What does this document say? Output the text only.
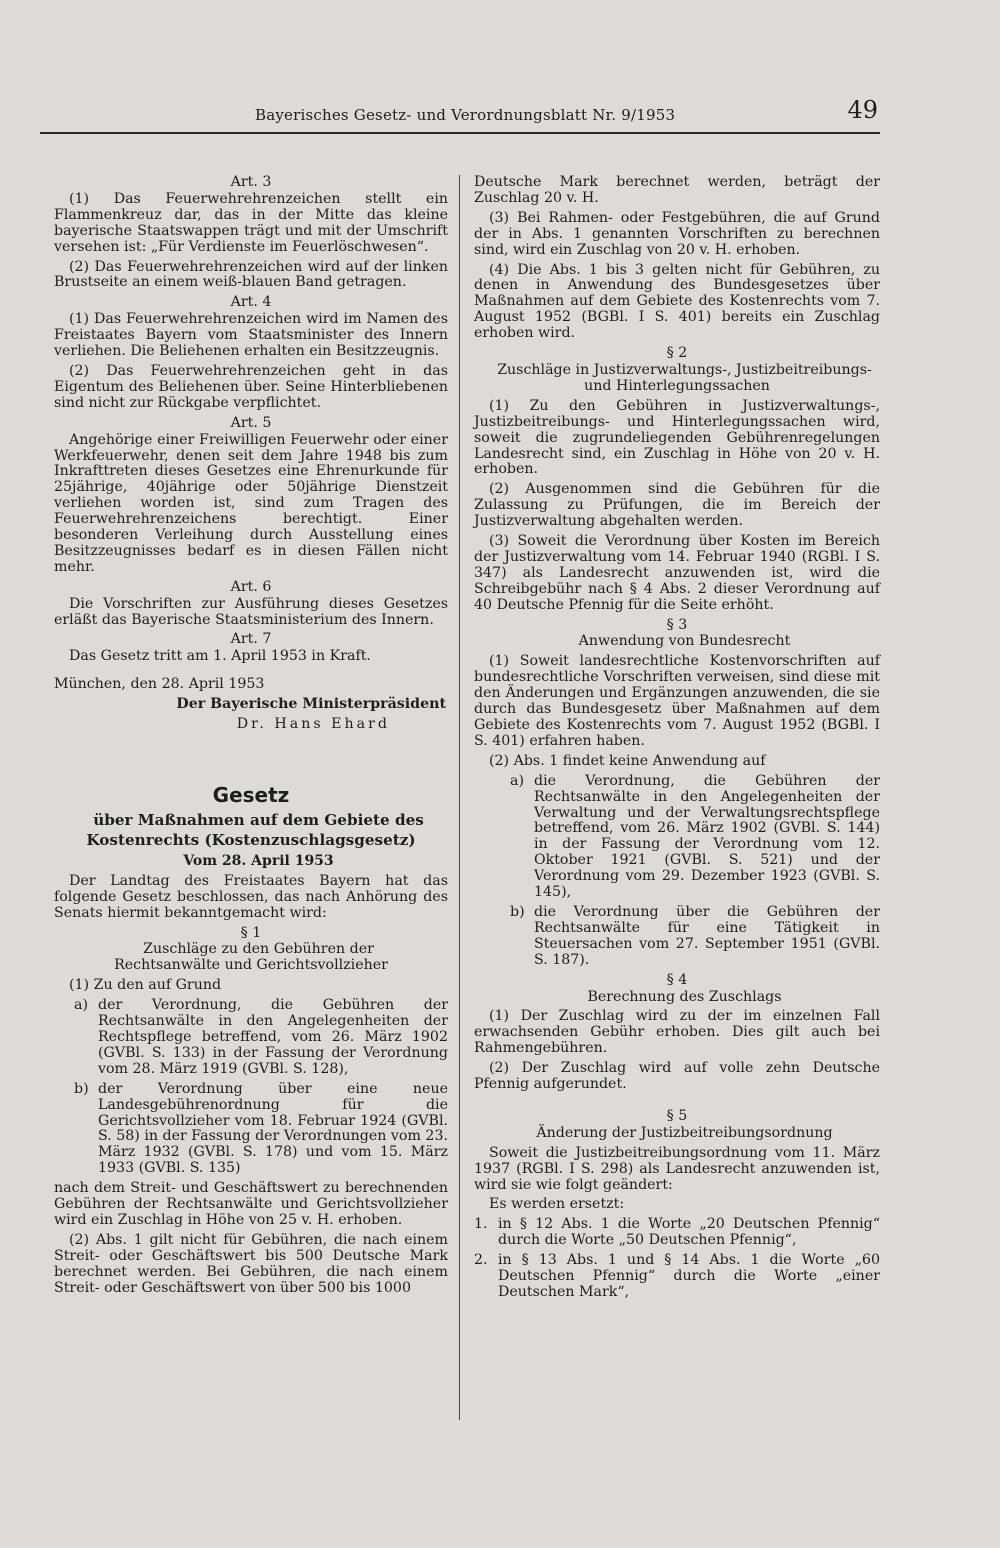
Bayerisches Gesetz- und Verordnungsblatt Nr. 9/1953	49

Art. 3

(1) Das Feuerwehrehrenzeichen stellt ein Flammenkreuz dar, das in der Mitte das kleine bayerische Staatswappen trägt und mit der Umschrift versehen ist: „Für Verdienste im Feuerlöschwesen“.

(2) Das Feuerwehrehrenzeichen wird auf der linken Brustseite an einem weiß-blauen Band getragen.

Art. 4

(1) Das Feuerwehrehrenzeichen wird im Namen des Freistaates Bayern vom Staatsminister des Innern verliehen. Die Beliehenen erhalten ein Besitzzeugnis.

(2) Das Feuerwehrehrenzeichen geht in das Eigentum des Beliehenen über. Seine Hinterbliebenen sind nicht zur Rückgabe verpflichtet.

Art. 5

Angehörige einer Freiwilligen Feuerwehr oder einer Werkfeuerwehr, denen seit dem Jahre 1948 bis zum Inkrafttreten dieses Gesetzes eine Ehrenurkunde für 25jährige, 40jährige oder 50jährige Dienstzeit verliehen worden ist, sind zum Tragen des Feuerwehrehrenzeichens berechtigt. Einer besonderen Verleihung durch Ausstellung eines Besitzzeugnisses bedarf es in diesen Fällen nicht mehr.

Art. 6

Die Vorschriften zur Ausführung dieses Gesetzes erläßt das Bayerische Staatsministerium des Innern.

Art. 7

Das Gesetz tritt am 1. April 1953 in Kraft.

München, den 28. April 1953

Der Bayerische Ministerpräsident

Dr. Hans Ehard

Gesetz

über Maßnahmen auf dem Gebiete des Kostenrechts (Kostenzuschlagsgesetz)

Vom 28. April 1953

Der Landtag des Freistaates Bayern hat das folgende Gesetz beschlossen, das nach Anhörung des Senats hiermit bekanntgemacht wird:

§ 1

Zuschläge zu den Gebühren der Rechtsanwälte und Gerichtsvollzieher

(1) Zu den auf Grund

a) der Verordnung, die Gebühren der Rechtsanwälte in den Angelegenheiten der Rechtspflege betreffend, vom 26. März 1902 (GVBl. S. 133) in der Fassung der Verordnung vom 28. März 1919 (GVBl. S. 128),
b) der Verordnung über eine neue Landesgebührenordnung für die Gerichtsvollzieher vom 18. Februar 1924 (GVBl. S. 58) in der Fassung der Verordnungen vom 23. März 1932 (GVBl. S. 178) und vom 15. März 1933 (GVBl. S. 135)

nach dem Streit- und Geschäftswert zu berechnenden Gebühren der Rechtsanwälte und Gerichtsvollzieher wird ein Zuschlag in Höhe von 25 v. H. erhoben.

(2) Abs. 1 gilt nicht für Gebühren, die nach einem Streit- oder Geschäftswert bis 500 Deutsche Mark berechnet werden. Bei Gebühren, die nach einem Streit- oder Geschäftswert von über 500 bis 1000

Deutsche Mark berechnet werden, beträgt der Zuschlag 20 v. H.

(3) Bei Rahmen- oder Festgebühren, die auf Grund der in Abs. 1 genannten Vorschriften zu berechnen sind, wird ein Zuschlag von 20 v. H. erhoben.

(4) Die Abs. 1 bis 3 gelten nicht für Gebühren, zu denen in Anwendung des Bundesgesetzes über Maßnahmen auf dem Gebiete des Kostenrechts vom 7. August 1952 (BGBl. I S. 401) bereits ein Zuschlag erhoben wird.

§ 2

Zuschläge in Justizverwaltungs-, Justizbeitreibungs- und Hinterlegungssachen

(1) Zu den Gebühren in Justizverwaltungs-, Justizbeitreibungs- und Hinterlegungssachen wird, soweit die zugrundeliegenden Gebührenregelungen Landesrecht sind, ein Zuschlag in Höhe von 20 v. H. erhoben.

(2) Ausgenommen sind die Gebühren für die Zulassung zu Prüfungen, die im Bereich der Justizverwaltung abgehalten werden.

(3) Soweit die Verordnung über Kosten im Bereich der Justizverwaltung vom 14. Februar 1940 (RGBl. I S. 347) als Landesrecht anzuwenden ist, wird die Schreibgebühr nach § 4 Abs. 2 dieser Verordnung auf 40 Deutsche Pfennig für die Seite erhöht.

§ 3

Anwendung von Bundesrecht

(1) Soweit landesrechtliche Kostenvorschriften auf bundesrechtliche Vorschriften verweisen, sind diese mit den Änderungen und Ergänzungen anzuwenden, die sie durch das Bundesgesetz über Maßnahmen auf dem Gebiete des Kostenrechts vom 7. August 1952 (BGBl. I S. 401) erfahren haben.

(2) Abs. 1 findet keine Anwendung auf

a) die Verordnung, die Gebühren der Rechtsanwälte in den Angelegenheiten der Verwaltung und der Verwaltungsrechtspflege betreffend, vom 26. März 1902 (GVBl. S. 144) in der Fassung der Verordnung vom 12. Oktober 1921 (GVBl. S. 521) und der Verordnung vom 29. Dezember 1923 (GVBl. S. 145),
b) die Verordnung über die Gebühren der Rechtsanwälte für eine Tätigkeit in Steuersachen vom 27. September 1951 (GVBl. S. 187).

§ 4

Berechnung des Zuschlags

(1) Der Zuschlag wird zu der im einzelnen Fall erwachsenden Gebühr erhoben. Dies gilt auch bei Rahmengebühren.

(2) Der Zuschlag wird auf volle zehn Deutsche Pfennig aufgerundet.

§ 5

Änderung der Justizbeitreibungsordnung

Soweit die Justizbeitreibungsordnung vom 11. März 1937 (RGBl. I S. 298) als Landesrecht anzuwenden ist, wird sie wie folgt geändert:

Es werden ersetzt:

1. in § 12 Abs. 1 die Worte „20 Deutschen Pfennig“ durch die Worte „50 Deutschen Pfennig“,
2. in § 13 Abs. 1 und § 14 Abs. 1 die Worte „60 Deutschen Pfennig“ durch die Worte „einer Deutschen Mark“,
